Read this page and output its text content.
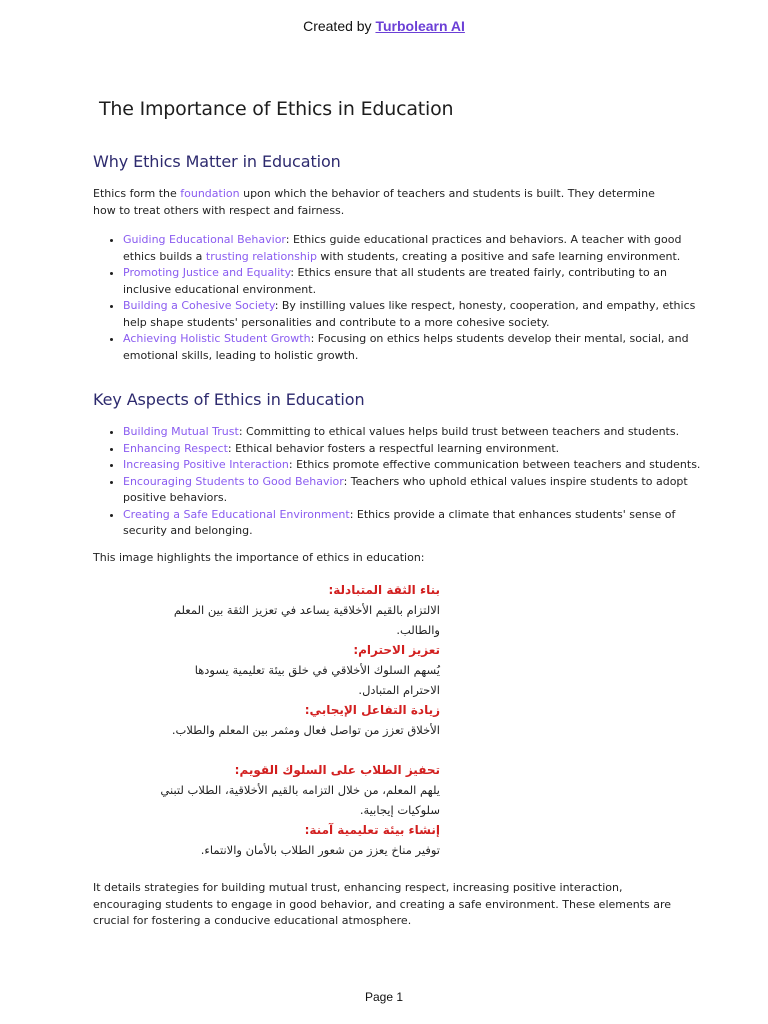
Created by Turbolearn AI
The Importance of Ethics in Education
Why Ethics Matter in Education

Ethics form the foundation upon which the behavior of teachers and students is built. They determine how to treat others with respect and fairness.

• Guiding Educational Behavior: Ethics guide educational practices and behaviors. A teacher with good ethics builds a trusting relationship with students, creating a positive and safe learning environment.
• Promoting Justice and Equality: Ethics ensure that all students are treated fairly, contributing to an inclusive educational environment.
• Building a Cohesive Society: By instilling values like respect, honesty, cooperation, and empathy, ethics help shape students' personalities and contribute to a more cohesive society.
• Achieving Holistic Student Growth: Focusing on ethics helps students develop their mental, social, and emotional skills, leading to holistic growth.
Key Aspects of Ethics in Education
• Building Mutual Trust: Committing to ethical values helps build trust between teachers and students.
• Enhancing Respect: Ethical behavior fosters a respectful learning environment.
• Increasing Positive Interaction: Ethics promote effective communication between teachers and students.
• Encouraging Students to Good Behavior: Teachers who uphold ethical values inspire students to adopt positive behaviors.
• Creating a Safe Educational Environment: Ethics provide a climate that enhances students' sense of security and belonging.

This image highlights the importance of ethics in education:

بناء الثقة المتبادلة:
الالتزام بالقيم الأخلاقية يساعد في تعزيز الثقة بين المعلم والطالب.
تعزيز الاحترام:
يُسهم السلوك الأخلاقي في خلق بيئة تعليمية يسودها الاحترام المتبادل.
زيادة التفاعل الإيجابي:
الأخلاق تعزز من تواصل فعال ومثمر بين المعلم والطلاب.
تحفيز الطلاب على السلوك القويم:
يلهم المعلم، من خلال التزامه بالقيم الأخلاقية، الطلاب لتبني سلوكيات إيجابية.
إنشاء بيئة تعليمية آمنة:
توفير مناخ يعزز من شعور الطلاب بالأمان والانتماء.

It details strategies for building mutual trust, enhancing respect, increasing positive interaction, encouraging students to engage in good behavior, and creating a safe environment. These elements are crucial for fostering a conducive educational atmosphere.

Page 1
